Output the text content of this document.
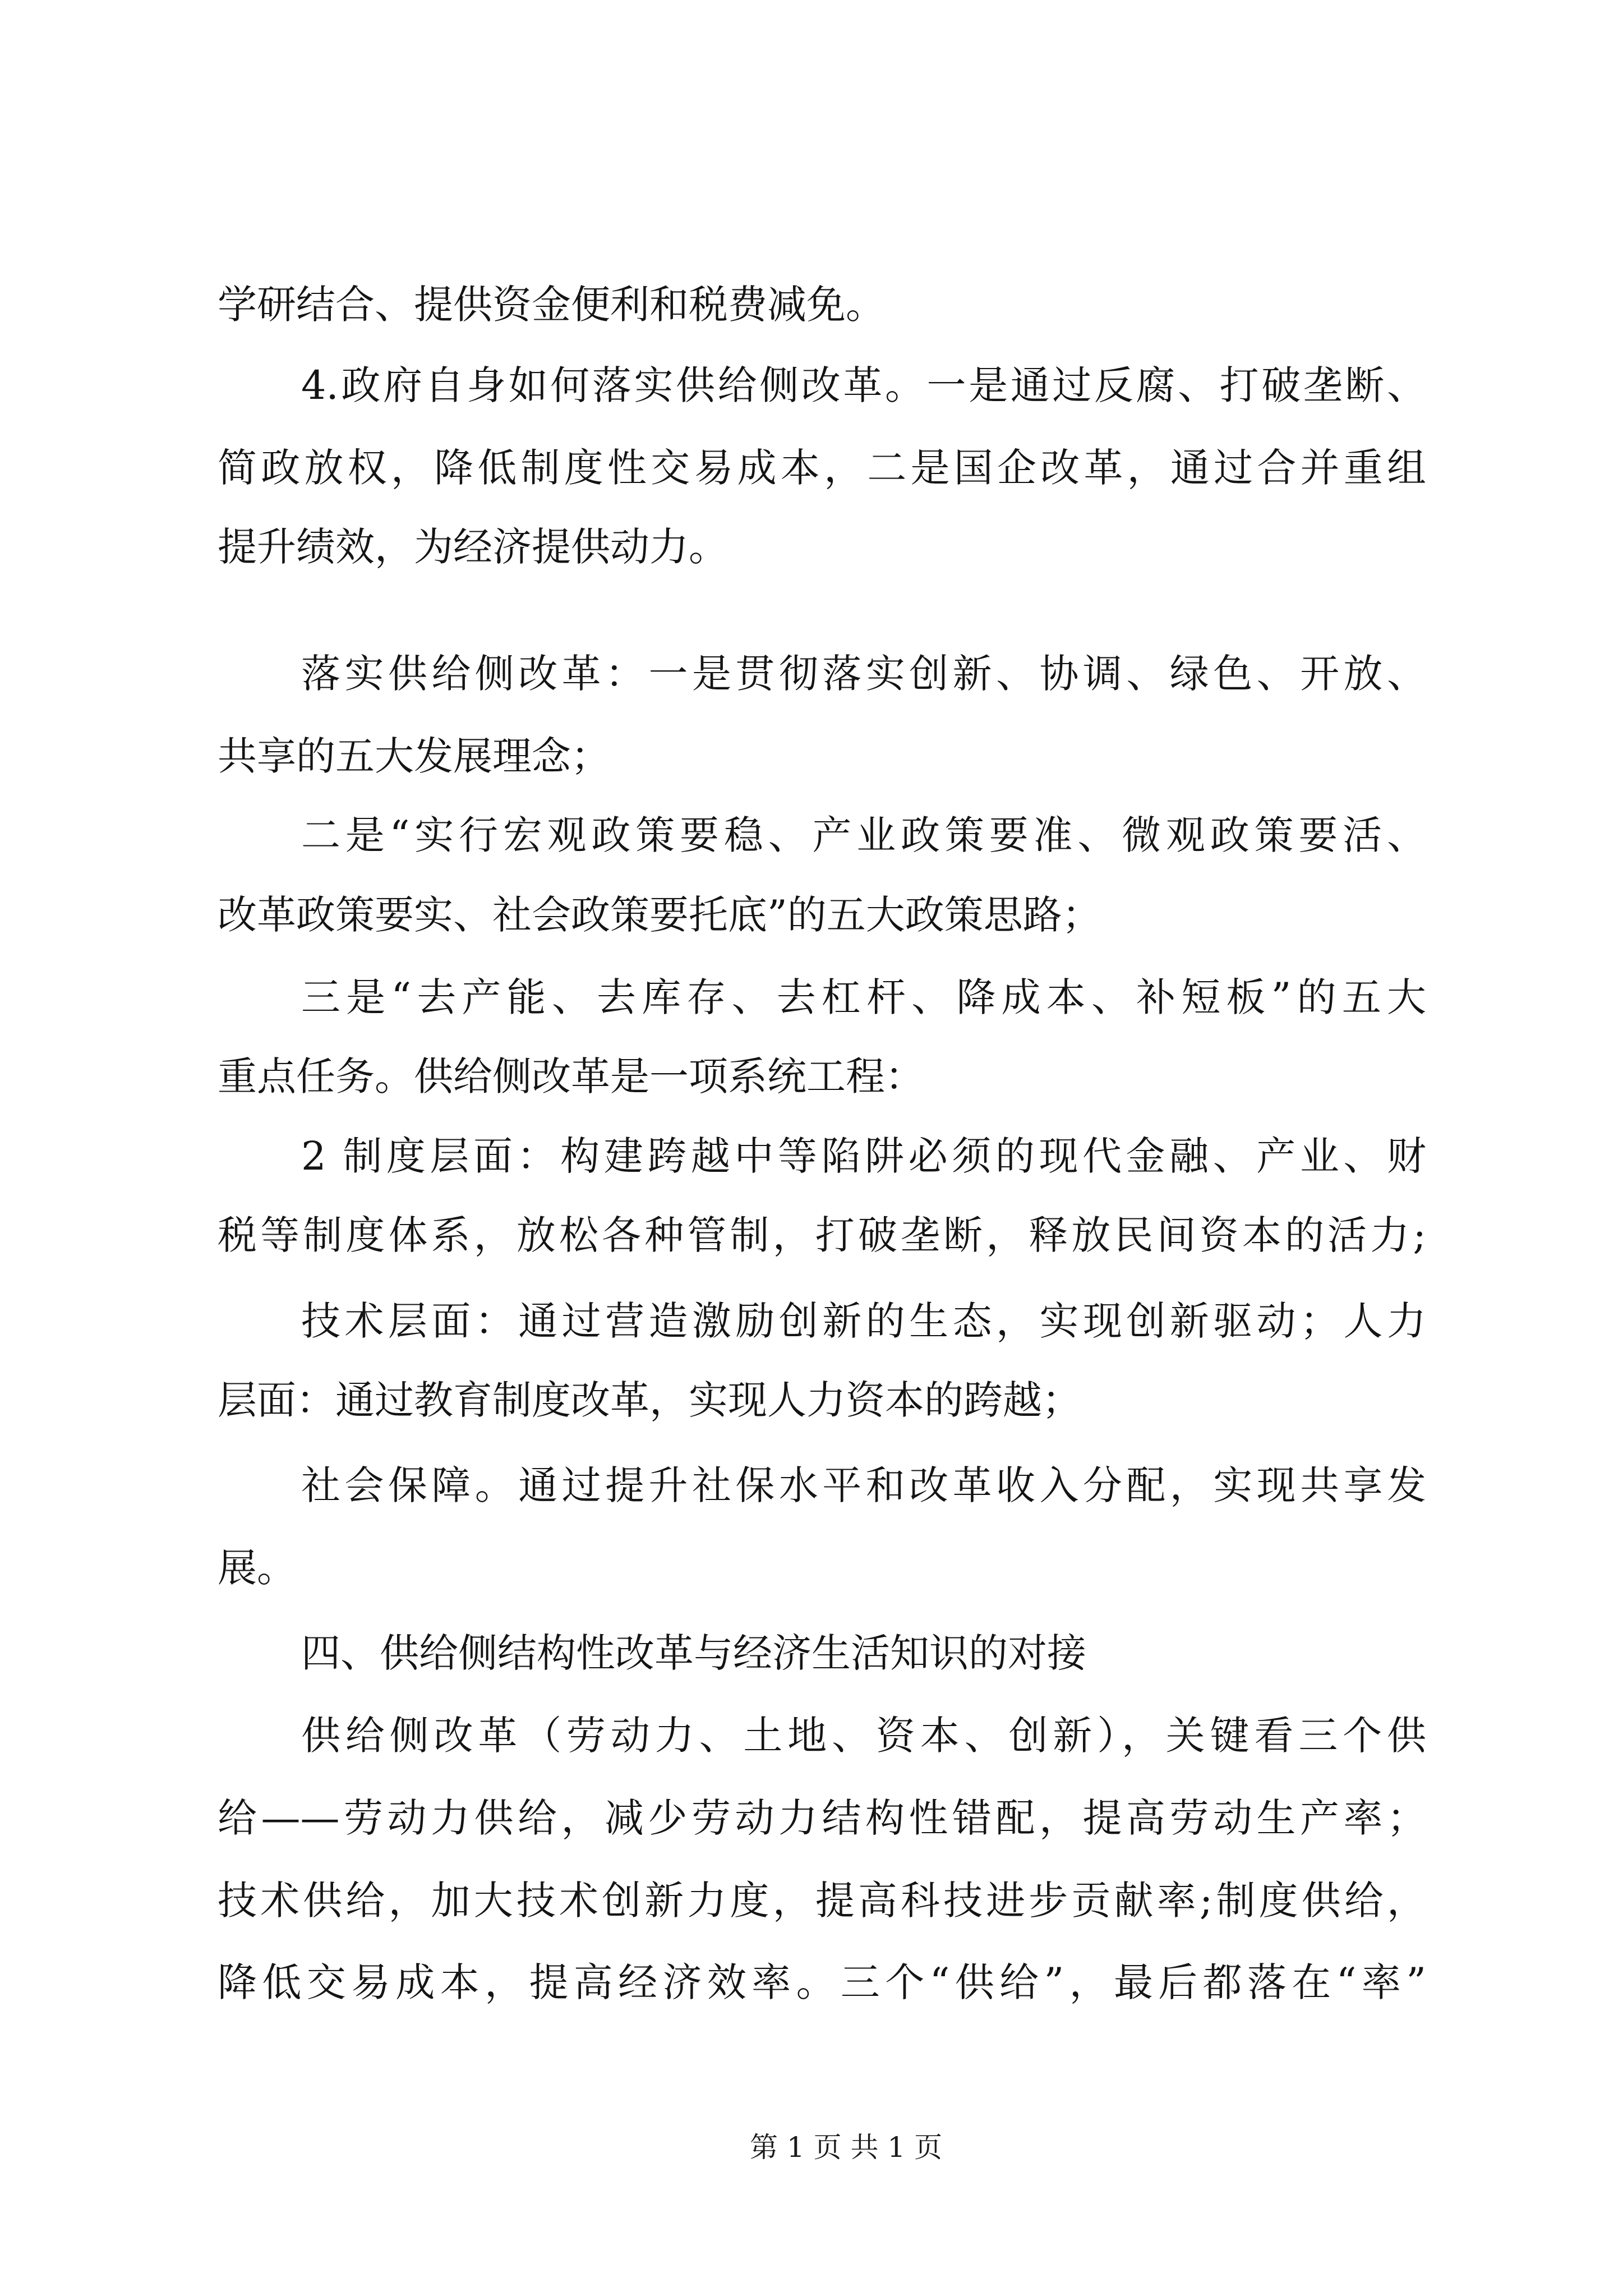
学研结合、提供资金便利和税费减免。
4.政府自身如何落实供给侧改革。一是通过反腐、打破垄断、
简政放权，降低制度性交易成本，二是国企改革，通过合并重组
提升绩效，为经济提供动力。
落实供给侧改革：一是贯彻落实创新、协调、绿色、开放、
共享的五大发展理念；
二是“实行宏观政策要稳、产业政策要准、微观政策要活、
改革政策要实、社会政策要托底”的五大政策思路；
三是“去产能、去库存、去杠杆、降成本、补短板”的五大
重点任务。供给侧改革是一项系统工程：
2 制度层面：构建跨越中等陷阱必须的现代金融、产业、财
税等制度体系，放松各种管制，打破垄断，释放民间资本的活力;
技术层面：通过营造激励创新的生态，实现创新驱动；人力
层面：通过教育制度改革，实现人力资本的跨越；
社会保障。通过提升社保水平和改革收入分配，实现共享发
展。
四、供给侧结构性改革与经济生活知识的对接
供给侧改革（劳动力、土地、资本、创新），关键看三个供
给——劳动力供给，减少劳动力结构性错配，提高劳动生产率；
技术供给，加大技术创新力度，提高科技进步贡献率;制度供给，
降低交易成本，提高经济效率。三个“供给”，最后都落在“率”
第 1 页 共 1 页
